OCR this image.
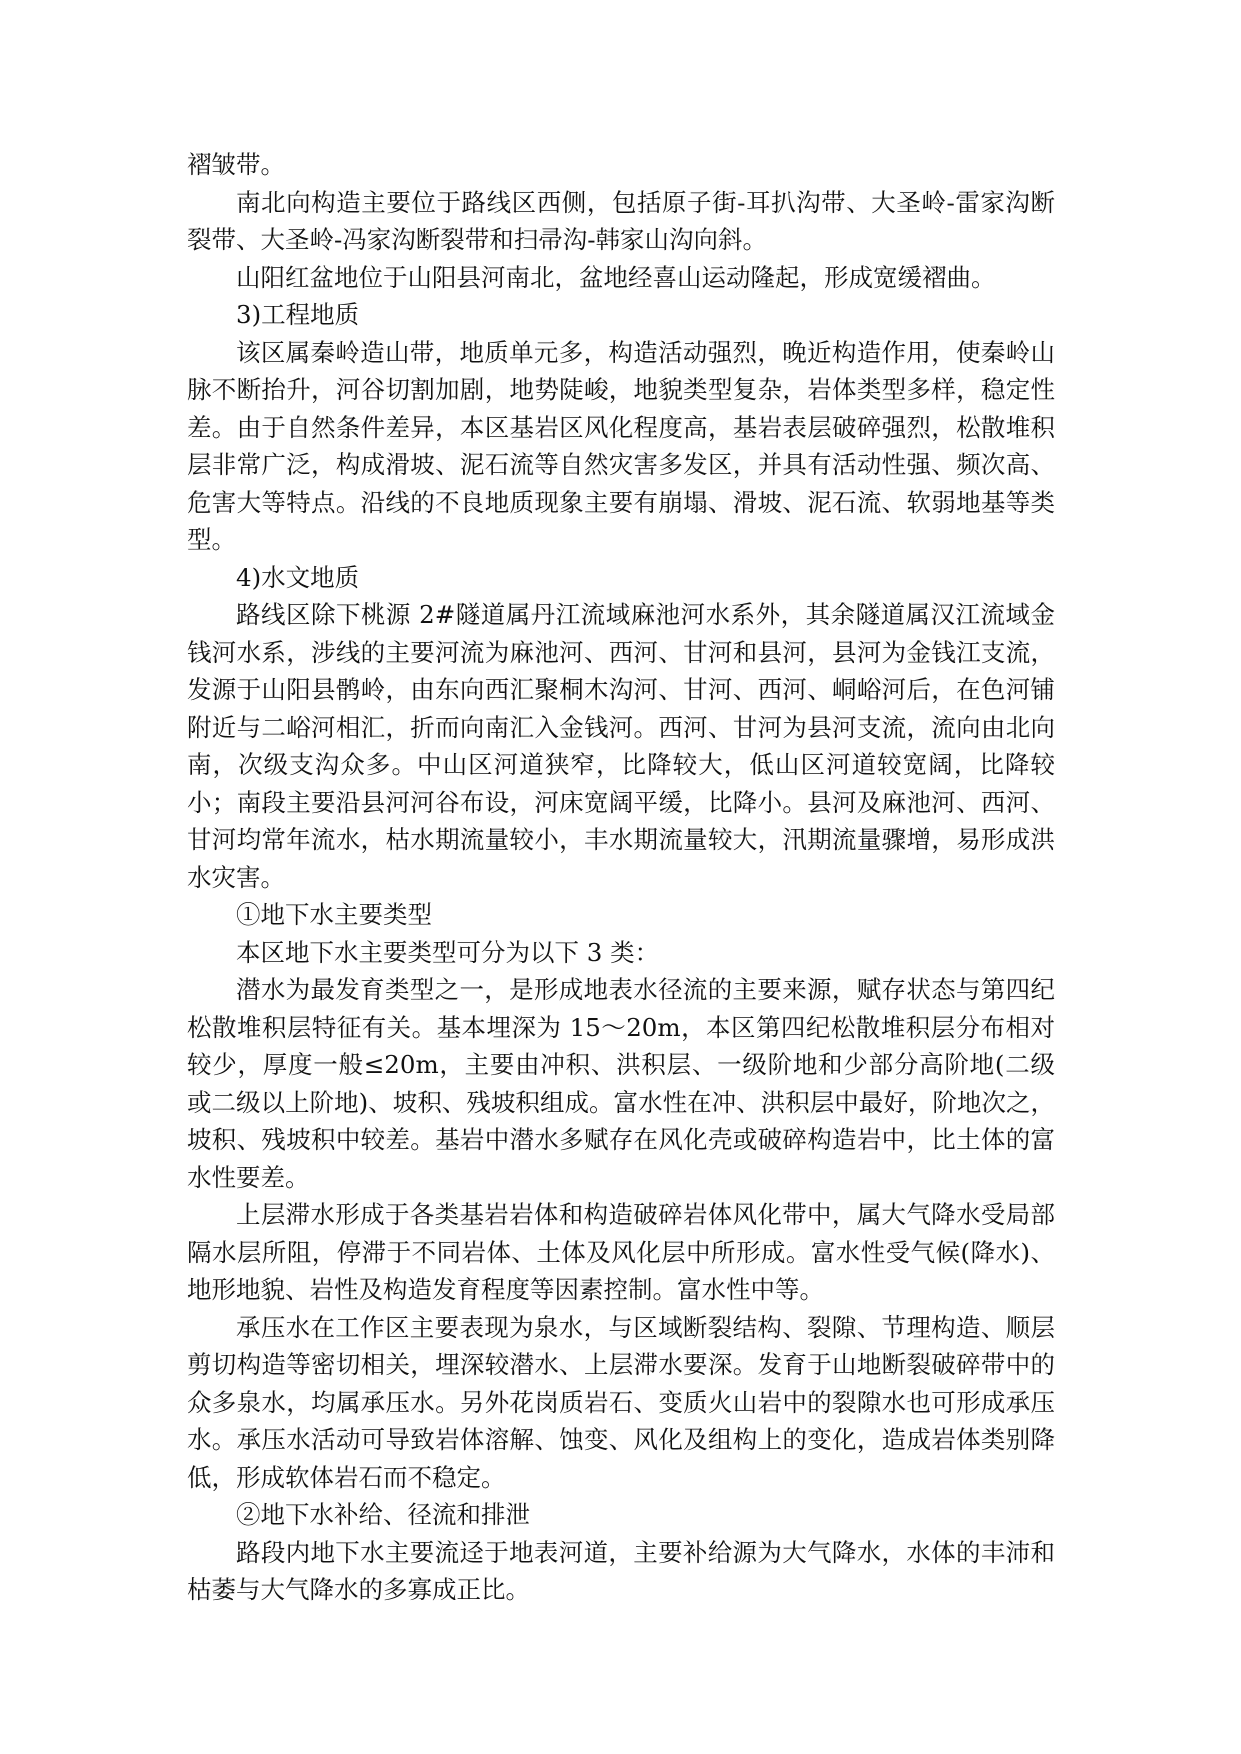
褶皱带。

南北向构造主要位于路线区西侧，包括原子街-耳扒沟带、大圣岭-雷家沟断裂带、大圣岭-冯家沟断裂带和扫帚沟-韩家山沟向斜。

山阳红盆地位于山阳县河南北，盆地经喜山运动隆起，形成宽缓褶曲。

3)工程地质

该区属秦岭造山带，地质单元多，构造活动强烈，晚近构造作用，使秦岭山脉不断抬升，河谷切割加剧，地势陡峻，地貌类型复杂，岩体类型多样，稳定性差。由于自然条件差异，本区基岩区风化程度高，基岩表层破碎强烈，松散堆积层非常广泛，构成滑坡、泥石流等自然灾害多发区，并具有活动性强、频次高、危害大等特点。沿线的不良地质现象主要有崩塌、滑坡、泥石流、软弱地基等类型。

4)水文地质

路线区除下桃源 2#隧道属丹江流域麻池河水系外，其余隧道属汉江流域金钱河水系，涉线的主要河流为麻池河、西河、甘河和县河，县河为金钱江支流，发源于山阳县鹘岭，由东向西汇聚桐木沟河、甘河、西河、峒峪河后，在色河铺附近与二峪河相汇，折而向南汇入金钱河。西河、甘河为县河支流，流向由北向南，次级支沟众多。中山区河道狭窄，比降较大，低山区河道较宽阔，比降较小；南段主要沿县河河谷布设，河床宽阔平缓，比降小。县河及麻池河、西河、甘河均常年流水，枯水期流量较小，丰水期流量较大，汛期流量骤增，易形成洪水灾害。

①地下水主要类型

本区地下水主要类型可分为以下 3 类：

潜水为最发育类型之一，是形成地表水径流的主要来源，赋存状态与第四纪松散堆积层特征有关。基本埋深为 15～20m，本区第四纪松散堆积层分布相对较少，厚度一般≤20m，主要由冲积、洪积层、一级阶地和少部分高阶地(二级或二级以上阶地)、坡积、残坡积组成。富水性在冲、洪积层中最好，阶地次之，坡积、残坡积中较差。基岩中潜水多赋存在风化壳或破碎构造岩中，比土体的富水性要差。

上层滞水形成于各类基岩岩体和构造破碎岩体风化带中，属大气降水受局部隔水层所阻，停滞于不同岩体、土体及风化层中所形成。富水性受气候(降水)、地形地貌、岩性及构造发育程度等因素控制。富水性中等。

承压水在工作区主要表现为泉水，与区域断裂结构、裂隙、节理构造、顺层剪切构造等密切相关，埋深较潜水、上层滞水要深。发育于山地断裂破碎带中的众多泉水，均属承压水。另外花岗质岩石、变质火山岩中的裂隙水也可形成承压水。承压水活动可导致岩体溶解、蚀变、风化及组构上的变化，造成岩体类别降低，形成软体岩石而不稳定。

②地下水补给、径流和排泄

路段内地下水主要流迳于地表河道，主要补给源为大气降水，水体的丰沛和枯萎与大气降水的多寡成正比。
